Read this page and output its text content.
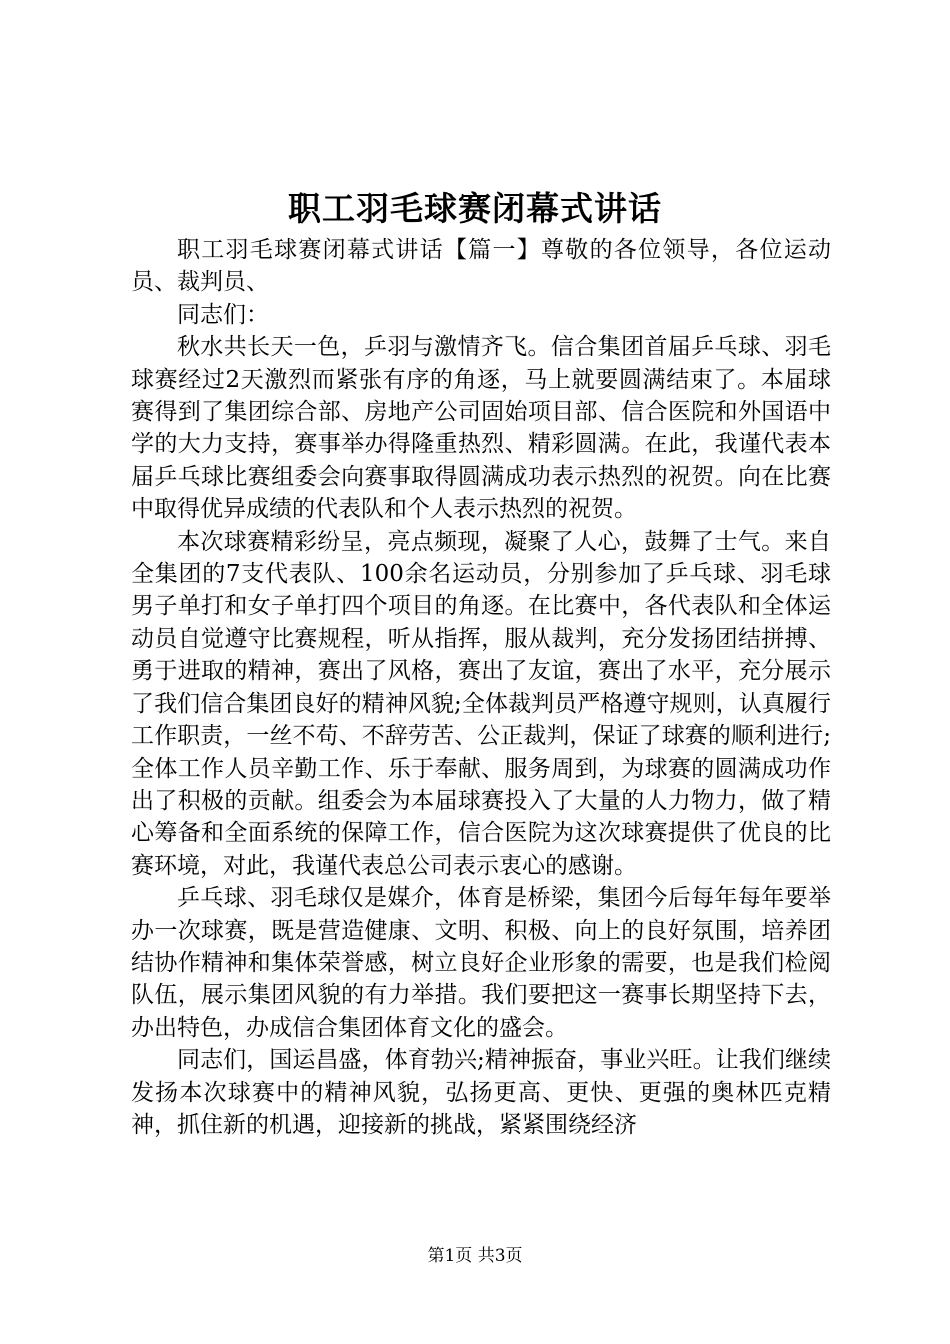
职工羽毛球赛闭幕式讲话

职工羽毛球赛闭幕式讲话【篇一】尊敬的各位领导，各位运动员、裁判员、

同志们：

秋水共长天一色，乒羽与激情齐飞。信合集团首届乒乓球、羽毛球赛经过2天激烈而紧张有序的角逐，马上就要圆满结束了。本届球赛得到了集团综合部、房地产公司固始项目部、信合医院和外国语中学的大力支持，赛事举办得隆重热烈、精彩圆满。在此，我谨代表本届乒乓球比赛组委会向赛事取得圆满成功表示热烈的祝贺。向在比赛中取得优异成绩的代表队和个人表示热烈的祝贺。

本次球赛精彩纷呈，亮点频现，凝聚了人心，鼓舞了士气。来自全集团的7支代表队、100余名运动员，分别参加了乒乓球、羽毛球男子单打和女子单打四个项目的角逐。在比赛中，各代表队和全体运动员自觉遵守比赛规程，听从指挥，服从裁判，充分发扬团结拼搏、勇于进取的精神，赛出了风格，赛出了友谊，赛出了水平，充分展示了我们信合集团良好的精神风貌;全体裁判员严格遵守规则，认真履行工作职责，一丝不苟、不辞劳苦、公正裁判，保证了球赛的顺利进行;全体工作人员辛勤工作、乐于奉献、服务周到，为球赛的圆满成功作出了积极的贡献。组委会为本届球赛投入了大量的人力物力，做了精心筹备和全面系统的保障工作，信合医院为这次球赛提供了优良的比赛环境，对此，我谨代表总公司表示衷心的感谢。

乒乓球、羽毛球仅是媒介，体育是桥梁，集团今后每年每年要举办一次球赛，既是营造健康、文明、积极、向上的良好氛围，培养团结协作精神和集体荣誉感，树立良好企业形象的需要，也是我们检阅队伍，展示集团风貌的有力举措。我们要把这一赛事长期坚持下去，办出特色，办成信合集团体育文化的盛会。

同志们，国运昌盛，体育勃兴;精神振奋，事业兴旺。让我们继续发扬本次球赛中的精神风貌，弘扬更高、更快、更强的奥林匹克精神，抓住新的机遇，迎接新的挑战，紧紧围绕经济

第1页 共3页
